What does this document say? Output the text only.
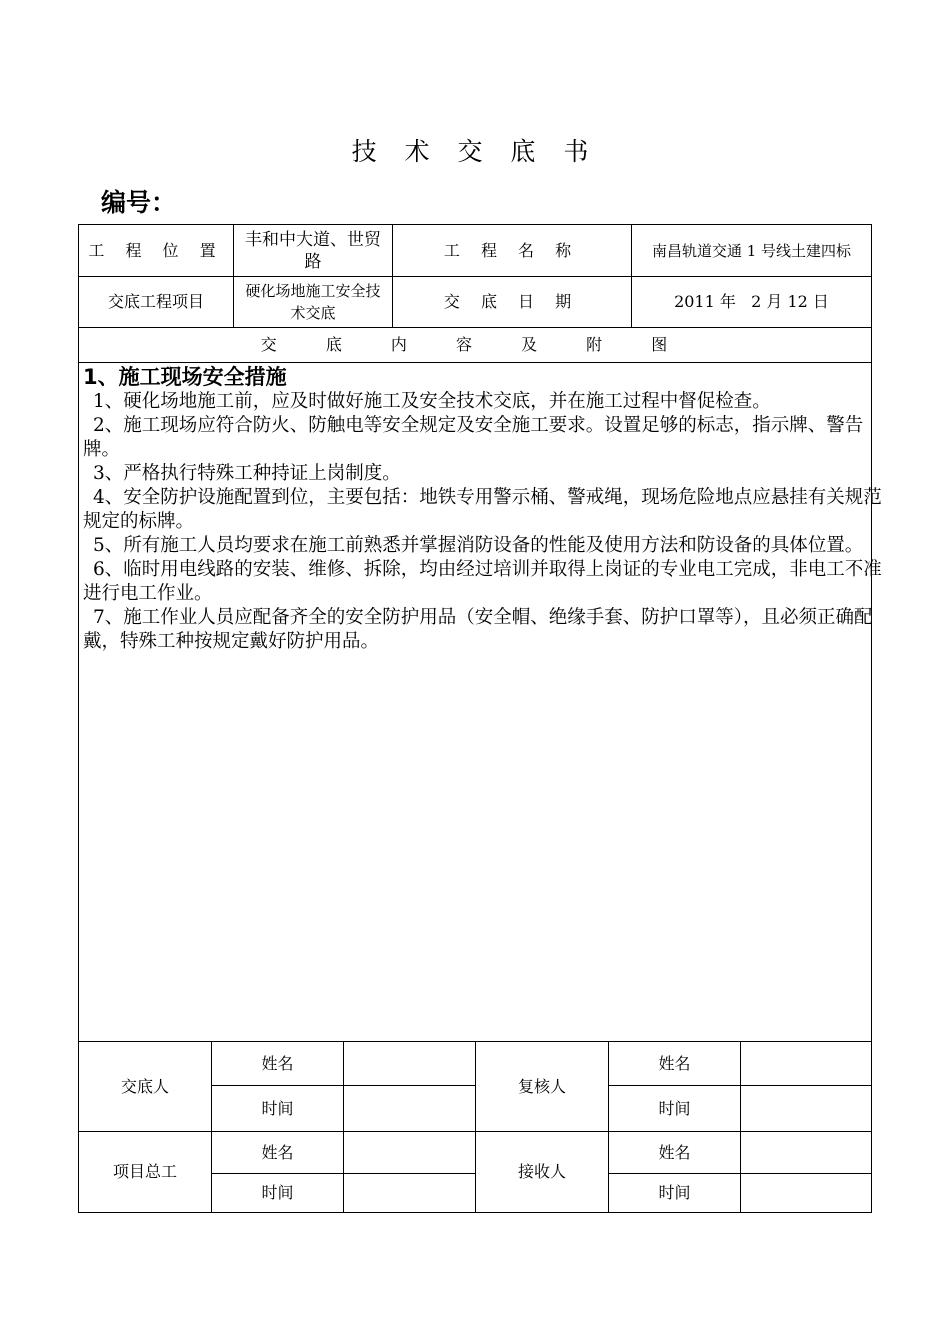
技 术 交 底 书
编号：
工 程 位 置
丰和中大道、世贸路
工 程 名 称	南昌轨道交通 1 号线土建四标
交底工程项目
硬化场地施工安全技术交底
交 底 日 期	2011 年   2 月 12 日
交 底 内 容 及 附 图
交底人
姓名
时间
复核人
姓名
时间
项目总工
姓名
时间
接收人
姓名
时间
1、施工现场安全措施

1、硬化场地施工前，应及时做好施工及安全技术交底，并在施工过程中督促检查。

2、施工现场应符合防火、防触电等安全规定及安全施工要求。设置足够的标志，指示牌、警告牌。

3、严格执行特殊工种持证上岗制度。

4、安全防护设施配置到位，主要包括：地铁专用警示桶、警戒绳，现场危险地点应悬挂有关规范规定的标牌。

5、所有施工人员均要求在施工前熟悉并掌握消防设备的性能及使用方法和防设备的具体位置。

6、临时用电线路的安装、维修、拆除，均由经过培训并取得上岗证的专业电工完成，非电工不准进行电工作业。

7、施工作业人员应配备齐全的安全防护用品（安全帽、绝缘手套、防护口罩等），且必须正确配戴，特殊工种按规定戴好防护用品。
